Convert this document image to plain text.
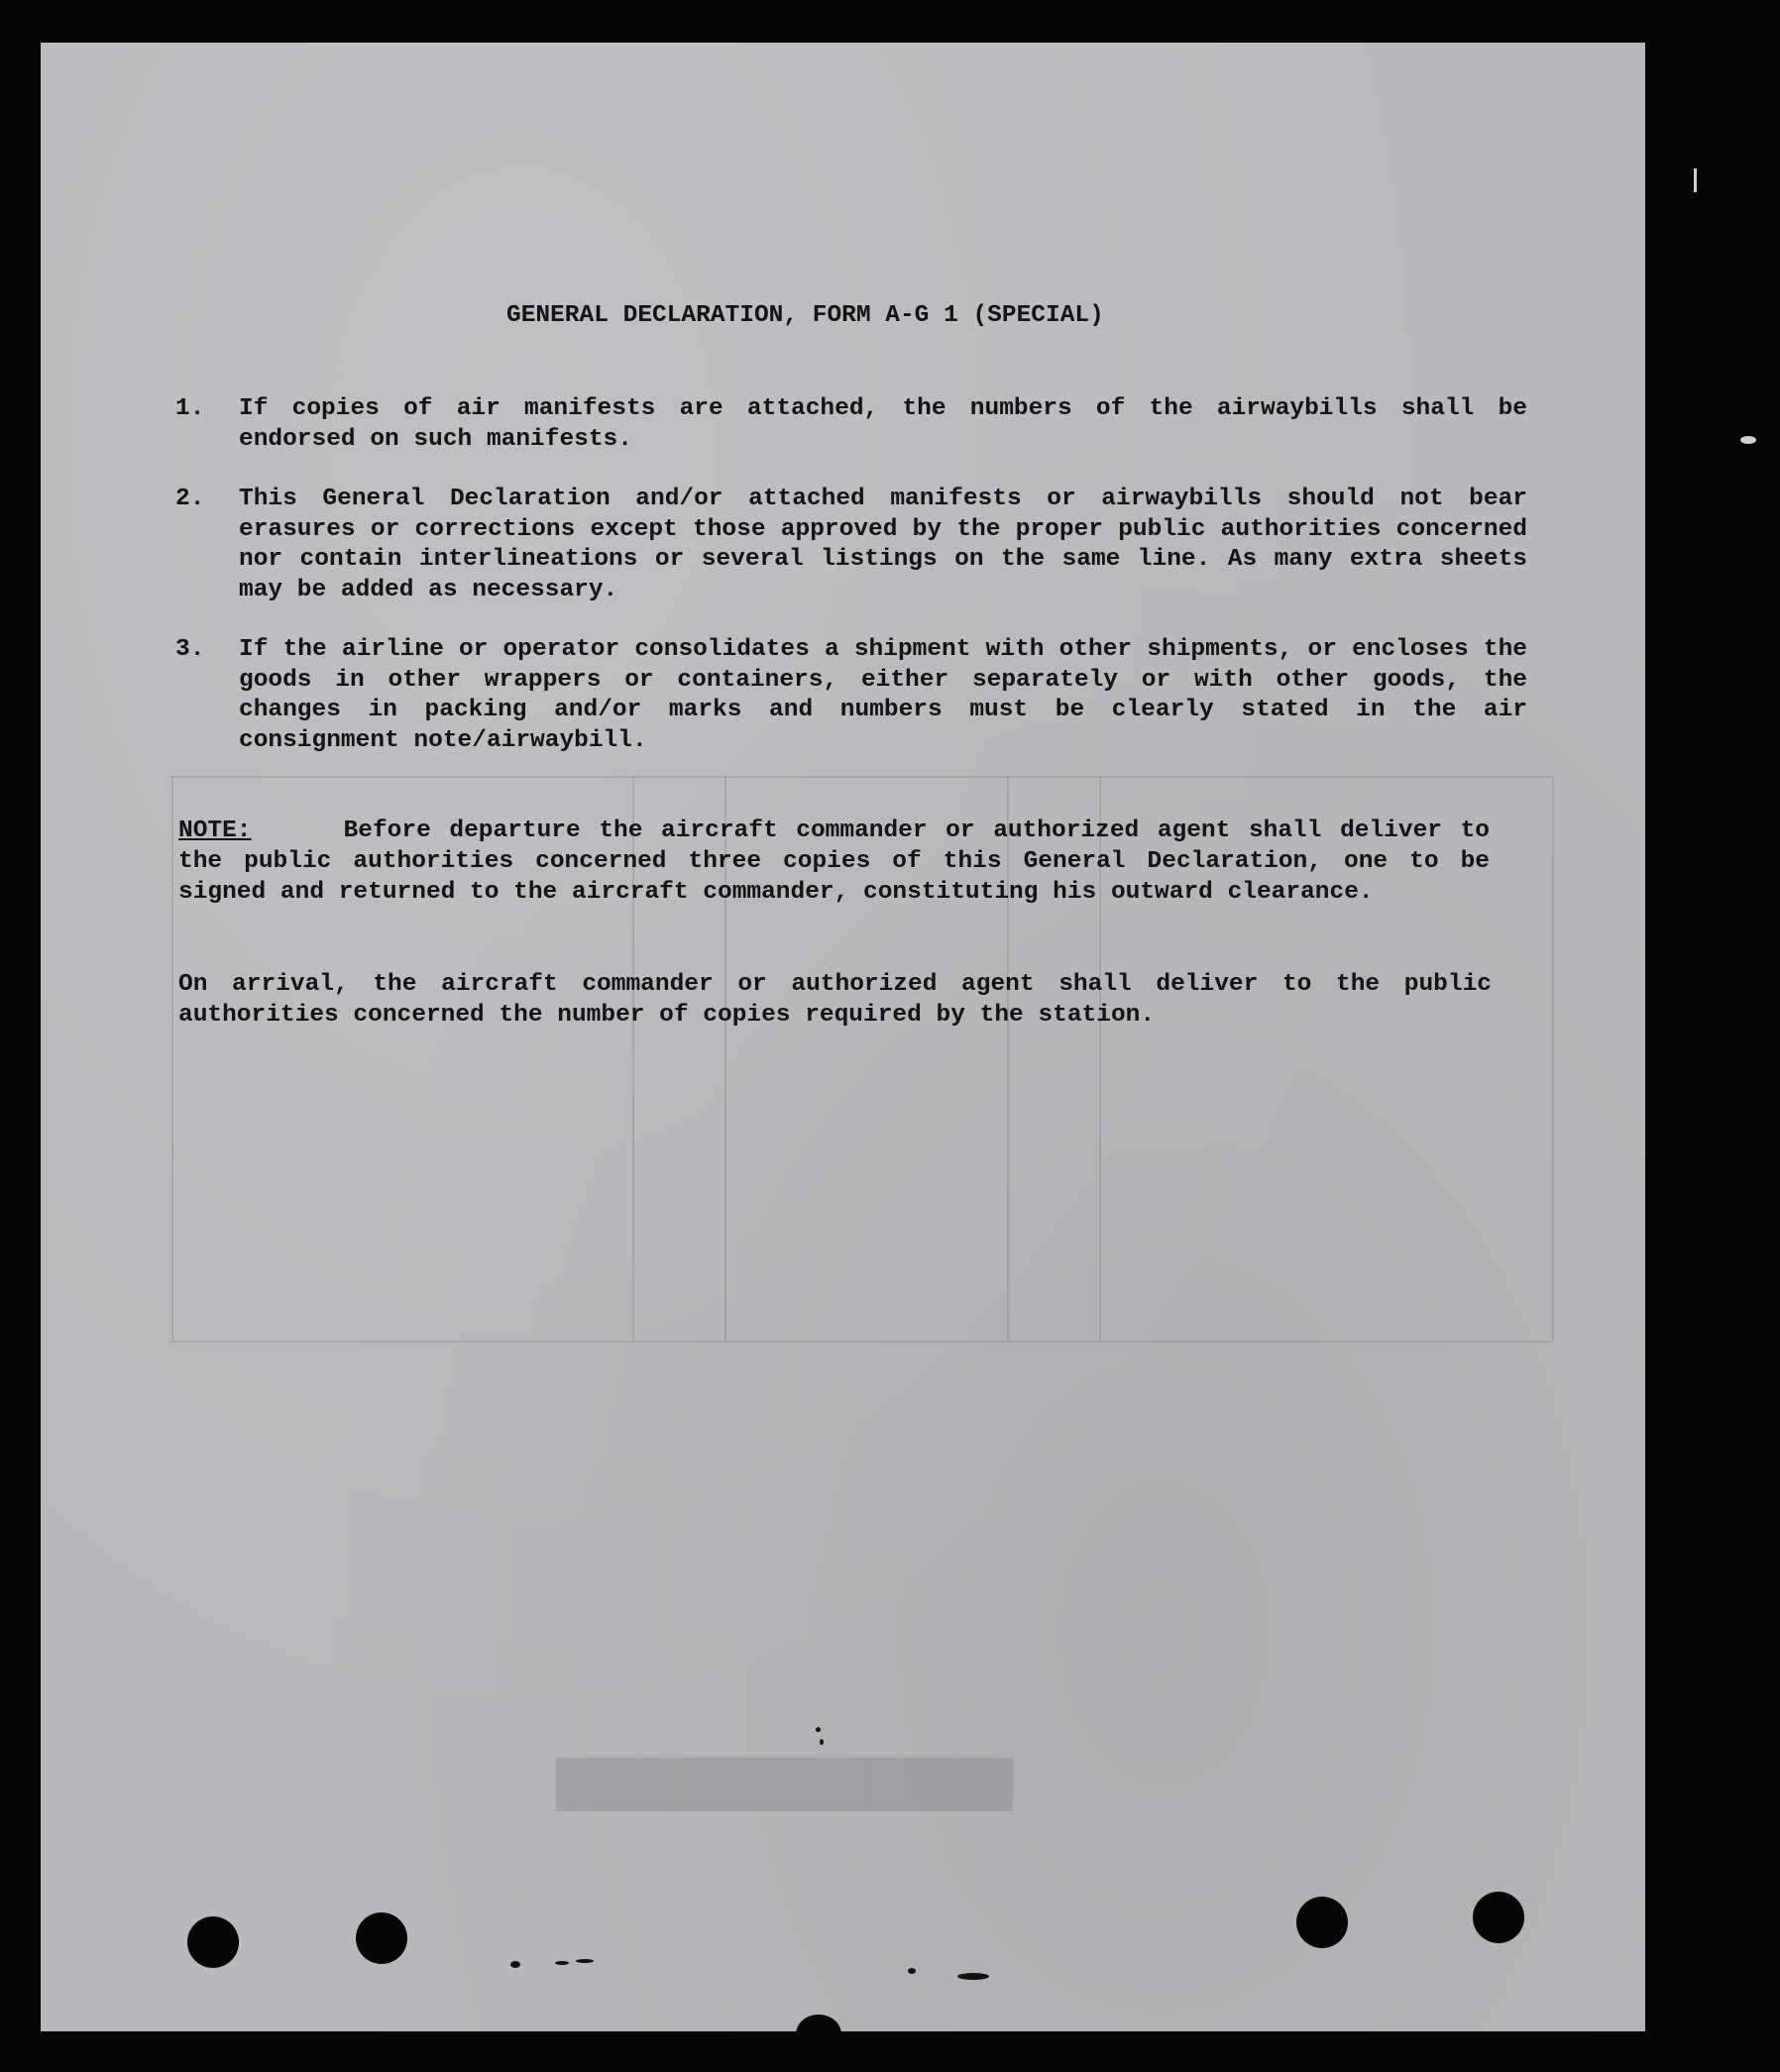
████████████████
GENERAL DECLARATION, FORM A-G 1 (SPECIAL)
1. If copies of air manifests are attached, the numbers of the airwaybills shall be endorsed on such manifests.
2. This General Declaration and/or attached manifests or airwaybills should not bear erasures or corrections except those approved by the proper public authorities concerned nor contain interlineations or several listings on the same line. As many extra sheets may be added as necessary.
3. If the airline or operator consolidates a shipment with other shipments, or encloses the goods in other wrappers or containers, either separately or with other goods, the changes in packing and/or marks and numbers must be clearly stated in the air consignment note/airwaybill.
NOTE:	Before departure the aircraft commander or authorized agent shall deliver to the public authorities concerned three copies of this General Declaration, one to be signed and returned to the aircraft commander, constituting his outward clearance.
On arrival, the aircraft commander or authorized agent shall deliver to the public authorities concerned the number of copies required by the station.
